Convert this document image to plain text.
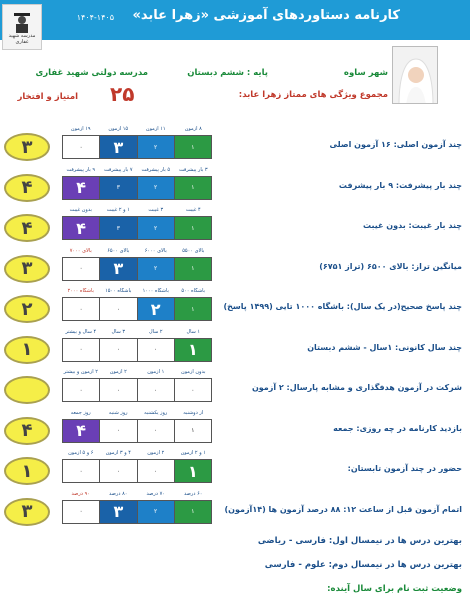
کارنامه دستاوردهای آموزشی «زهرا عابد»
۱۴۰۴-۱۴۰۵
مدرسه شهید غفاری
شهر ساوه
پایه : ششم دبستان
مدرسه دولتی شهید غفاری
مجموع ویژگی های ممتاز زهرا عابد:
۲۵
امتیاز و افتخار
۱۹ آزمون	۱۵ آزمون	۱۱ آزمون	۸ آزمون
۰	۳	۲	۱
۳	چند آزمون اصلی: ۱۶ آزمون اصلی
۹ بار پیشرفت	۷ بار پیشرفت	۵ بار پیشرفت	۳ بار پیشرفت
۴	۳	۲	۱
۴	چند بار پیشرفت: ۹ بار پیشرفت
بدون غیبت	۱ و ۲ غیبت	۳ غیبت	۴ غیبت
۴	۳	۲	۱
۴	چند بار غیبت: بدون غیبت
بالای ۷۰۰۰	بالای ۶۵۰۰	بالای ۶۰۰۰	بالای ۵۵۰۰
۰	۳	۲	۱
۳	میانگین تراز: بالای ۶۵۰۰ (تراز ۶۷۵۱)
باشگاه ۲۰۰۰	باشگاه ۱۵۰۰	باشگاه ۱۰۰۰	باشگاه ۵۰۰
۰	۰	۲	۱
۲	چند پاسخ صحیح(در یک سال): باشگاه ۱۰۰۰ تایی (۱۴۹۹ پاسخ)
۴ سال و بیشتر	۳ سال	۲ سال	۱ سال
۰	۰	۰	۱
۱	چند سال کانونی: ۱سال - ششم دبستان
۲ آزمون و بیشتر	۲ آزمون	۱ آزمون	بدون آزمون
۰	۰	۰	۰	شرکت در آزمون هدفگذاری و مشابه پارسال: ۲ آزمون
روز جمعه	روز شنبه	روز یکشنبه	از دوشنبه
۴	۰	۰	۱
۴	بازدید کارنامه در چه روزی: جمعه
۶ و ۵ آزمون	۴ و ۳ آزمون	۲ آزمون	۱ و ۲ آزمون
۰	۰	۰	۱
۱	حضور در چند آزمون تابستان:
۹۰ درصد	۸۰ درصد	۷۰ درصد	۶۰ درصد
۰	۳	۲	۱
۳	اتمام آزمون قبل از ساعت ۱۲: ۸۸ درصد آزمون ها (۱۴آزمون)
بهترین درس ها در نیمسال اول: فارسی - ریاضی
بهترین درس ها در نیمسال دوم: علوم - فارسی
وضعیت ثبت نام برای سال آینده:
